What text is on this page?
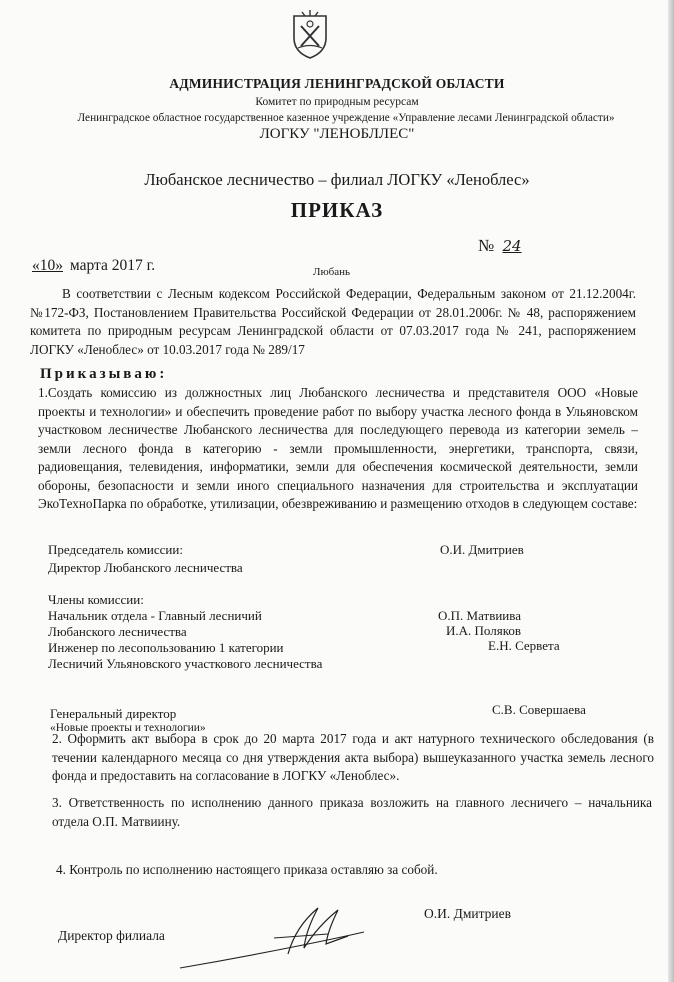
АДМИНИСТРАЦИЯ ЛЕНИНГРАДСКОЙ ОБЛАСТИ
Комитет по природным ресурсам
Ленинградское областное государственное казенное учреждение «Управление лесами Ленинградской области»
ЛОГКУ "ЛЕНОБЛЛЕС"
Любанское лесничество – филиал ЛОГКУ «Леноблес»
ПРИКАЗ
№ 24
«10» марта 2017 г.	Любань
В соответствии с Лесным кодексом Российской Федерации, Федеральным законом от 21.12.2004г. №172-ФЗ, Постановлением Правительства Российской Федерации от 28.01.2006г. № 48, распоряжением комитета по природным ресурсам Ленинградской области от 07.03.2017 года № 241, распоряжением ЛОГКУ «Леноблес» от 10.03.2017 года № 289/17
Приказываю:
1.Создать комиссию из должностных лиц Любанского лесничества и представителя ООО «Новые проекты и технологии» и обеспечить проведение работ по выбору участка лесного фонда в Ульяновском участковом лесничестве Любанского лесничества для последующего перевода из категории земель – земли лесного фонда в категорию - земли промышленности, энергетики, транспорта, связи, радиовещания, телевидения, информатики, земли для обеспечения космической деятельности, земли обороны, безопасности и земли иного специального назначения для строительства и эксплуатации ЭкоТехноПарка по обработке, утилизации, обезвреживанию и размещению отходов в следующем составе:
Председатель комиссии:
Директор Любанского лесничества
О.И. Дмитриев
Члены комиссии:
Начальник отдела - Главный лесничий
Любанского лесничества
О.П. Матвиива
Инженер по лесопользованию 1 категории
И.А. Поляков
Лесничий Ульяновского участкового лесничества
Е.Н. Сервета
Генеральный директор
«Новые проекты и технологии»
С.В. Совершаева
2. Оформить акт выбора в срок до 20 марта 2017 года и акт натурного технического обследования (в течении календарного месяца со дня утверждения акта выбора) вышеуказанного участка земель лесного фонда и предоставить на согласование в ЛОГКУ «Леноблес».
3. Ответственность по исполнению данного приказа возложить на главного лесничего – начальника отдела О.П. Матвиину.
4. Контроль по исполнению настоящего приказа оставляю за собой.
Директор филиала
О.И. Дмитриев
